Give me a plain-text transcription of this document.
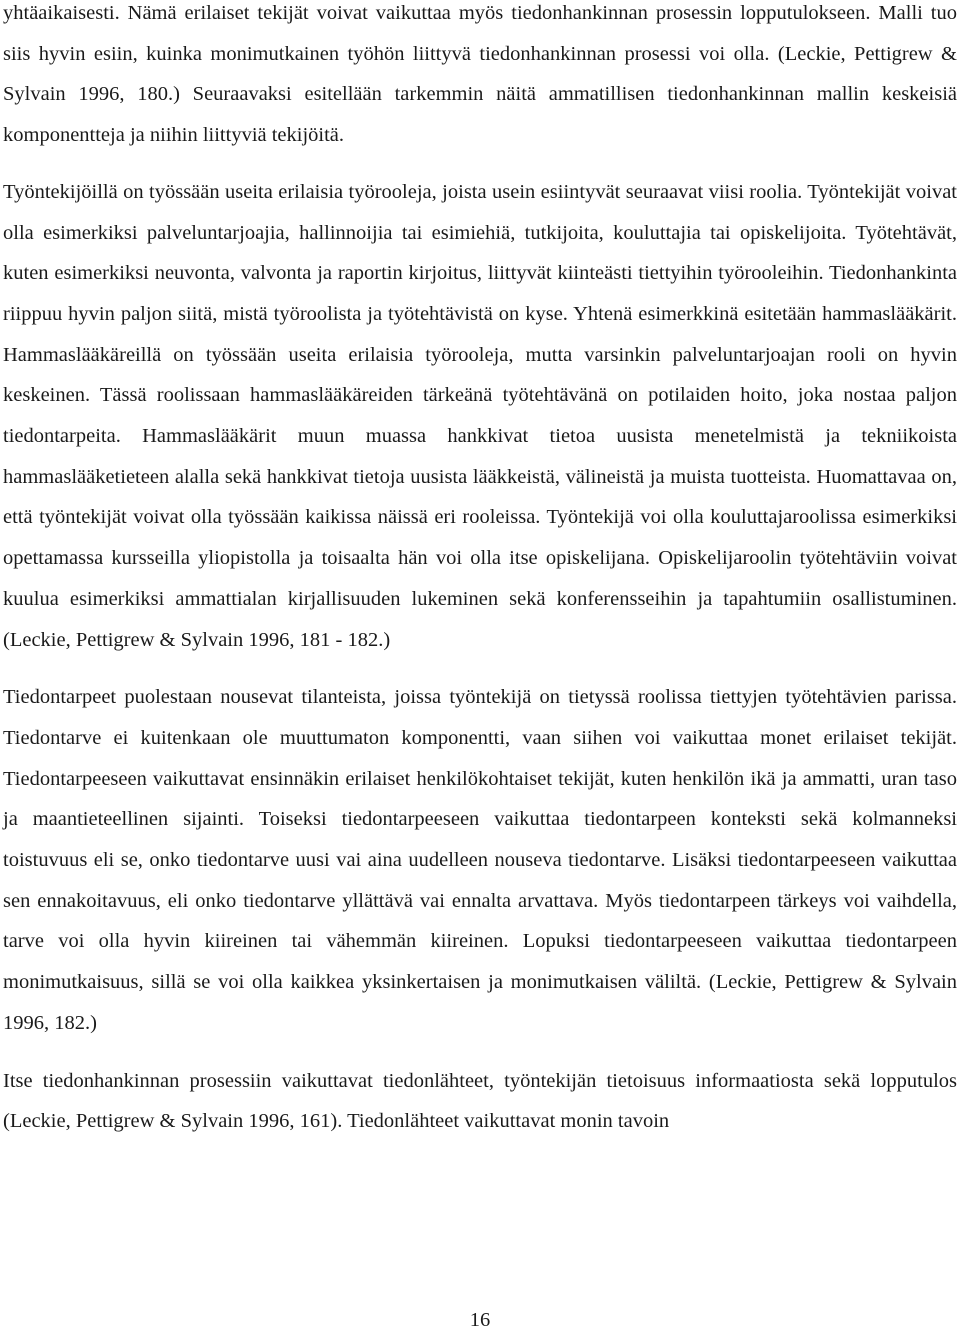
yhtäaikaisesti. Nämä erilaiset tekijät voivat vaikuttaa myös tiedonhankinnan prosessin lopputulokseen. Malli tuo siis hyvin esiin, kuinka monimutkainen työhön liittyvä tiedonhankinnan prosessi voi olla. (Leckie, Pettigrew & Sylvain 1996, 180.) Seuraavaksi esitellään tarkemmin näitä ammatillisen tiedonhankinnan mallin keskeisiä komponentteja ja niihin liittyviä tekijöitä.

Työntekijöillä on työssään useita erilaisia työrooleja, joista usein esiintyvät seuraavat viisi roolia. Työntekijät voivat olla esimerkiksi palveluntarjoajia, hallinnoijia tai esimiehiä, tutkijoita, kouluttajia tai opiskelijoita. Työtehtävät, kuten esimerkiksi neuvonta, valvonta ja raportin kirjoitus, liittyvät kiinteästi tiettyihin työrooleihin. Tiedonhankinta riippuu hyvin paljon siitä, mistä työroolista ja työtehtävistä on kyse. Yhtenä esimerkkinä esitetään hammaslääkärit. Hammaslääkäreillä on työssään useita erilaisia työrooleja, mutta varsinkin palveluntarjoajan rooli on hyvin keskeinen. Tässä roolissaan hammaslääkäreiden tärkeänä työtehtävänä on potilaiden hoito, joka nostaa paljon tiedontarpeita. Hammaslääkärit muun muassa hankkivat tietoa uusista menetelmistä ja tekniikoista hammaslääketieteen alalla sekä hankkivat tietoja uusista lääkkeistä, välineistä ja muista tuotteista. Huomattavaa on, että työntekijät voivat olla työssään kaikissa näissä eri rooleissa. Työntekijä voi olla kouluttajaroolissa esimerkiksi opettamassa kursseilla yliopistolla ja toisaalta hän voi olla itse opiskelijana. Opiskelijaroolin työtehtäviin voivat kuulua esimerkiksi ammattialan kirjallisuuden lukeminen sekä konferensseihin ja tapahtumiin osallistuminen. (Leckie, Pettigrew & Sylvain 1996, 181 - 182.)

Tiedontarpeet puolestaan nousevat tilanteista, joissa työntekijä on tietyssä roolissa tiettyjen työtehtävien parissa. Tiedontarve ei kuitenkaan ole muuttumaton komponentti, vaan siihen voi vaikuttaa monet erilaiset tekijät. Tiedontarpeeseen vaikuttavat ensinnäkin erilaiset henkilökohtaiset tekijät, kuten henkilön ikä ja ammatti, uran taso ja maantieteellinen sijainti. Toiseksi tiedontarpeeseen vaikuttaa tiedontarpeen konteksti sekä kolmanneksi toistuvuus eli se, onko tiedontarve uusi vai aina uudelleen nouseva tiedontarve. Lisäksi tiedontarpeeseen vaikuttaa sen ennakoitavuus, eli onko tiedontarve yllättävä vai ennalta arvattava. Myös tiedontarpeen tärkeys voi vaihdella, tarve voi olla hyvin kiireinen tai vähemmän kiireinen. Lopuksi tiedontarpeeseen vaikuttaa tiedontarpeen monimutkaisuus, sillä se voi olla kaikkea yksinkertaisen ja monimutkaisen väliltä. (Leckie, Pettigrew & Sylvain 1996, 182.)

Itse tiedonhankinnan prosessiin vaikuttavat tiedonlähteet, työntekijän tietoisuus informaatiosta sekä lopputulos (Leckie, Pettigrew & Sylvain 1996, 161). Tiedonlähteet vaikuttavat monin tavoin

16
